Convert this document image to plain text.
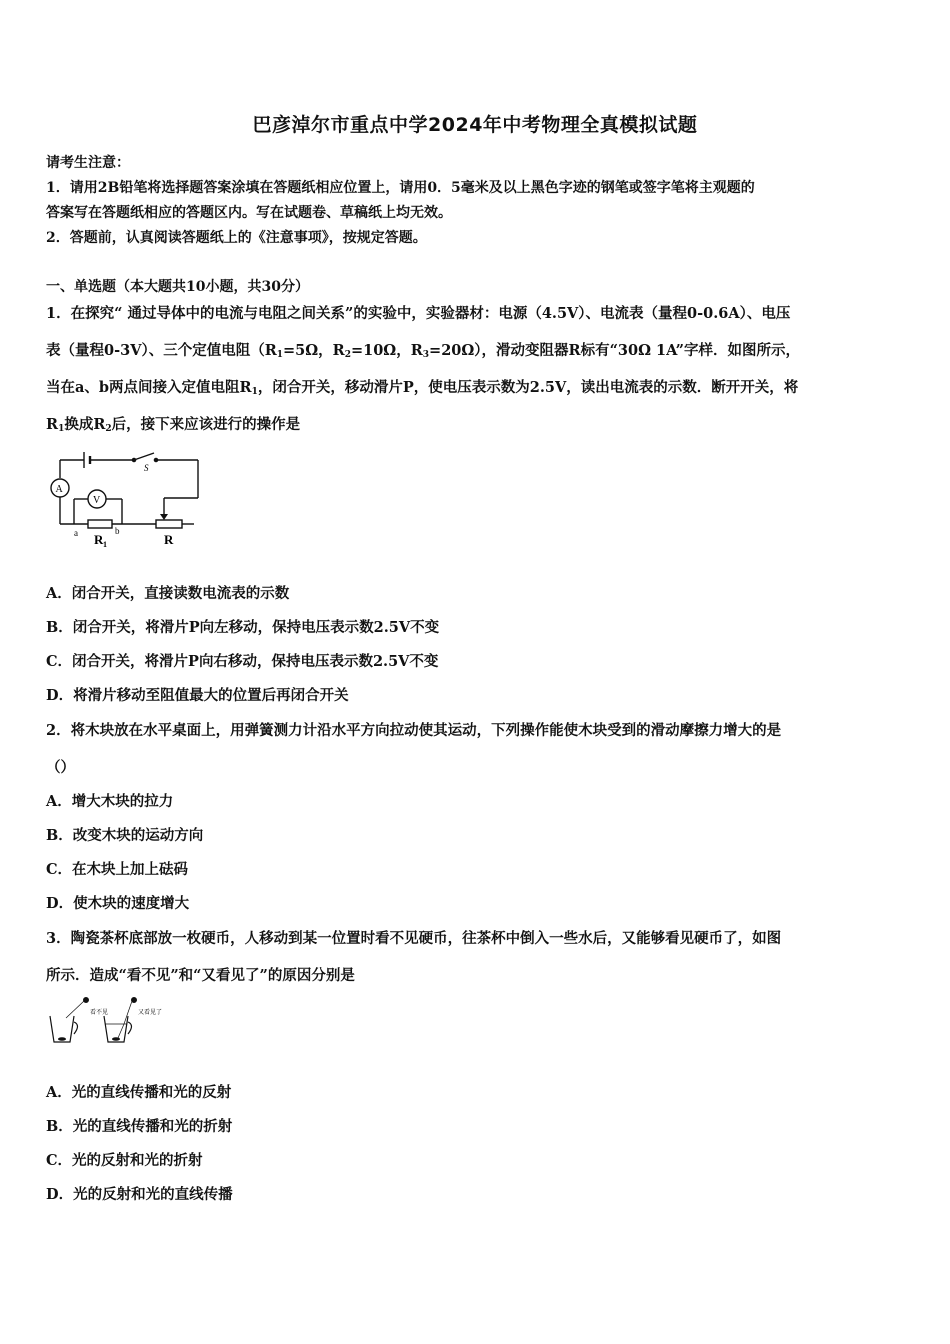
巴彦淖尔市重点中学2024年中考物理全真模拟试题
请考生注意：
1．请用2B铅笔将选择题答案涂填在答题纸相应位置上，请用0．5毫米及以上黑色字迹的钢笔或签字笔将主观题的
答案写在答题纸相应的答题区内。写在试题卷、草稿纸上均无效。
2．答题前，认真阅读答题纸上的《注意事项》，按规定答题。
一、单选题（本大题共10小题，共30分）
1．在探究“ 通过导体中的电流与电阻之间关系”的实验中，实验器材：电源（4.5V）、电流表（量程0-0.6A）、电压
表（量程0-3V）、三个定值电阻（$R_1=5\Omega$，$R_2=10\Omega$，$R_3=20\Omega$），滑动变阻器R标有“30Ω 1A”字样．如图所示，
当在a、b两点间接入定值电阻$R_1$，闭合开关，移动滑片P，使电压表示数为2.5V，读出电流表的示数．断开开关，将
$R_1$换成$R_2$后，接下来应该进行的操作是
S
A
V
a	b
R 1	R
A．闭合开关，直接读数电流表的示数
B．闭合开关，将滑片P向左移动，保持电压表示数2.5V不变
C．闭合开关，将滑片P向右移动，保持电压表示数2.5V不变
D．将滑片移动至阻值最大的位置后再闭合开关
2．将木块放在水平桌面上，用弹簧测力计沿水平方向拉动使其运动，下列操作能使木块受到的滑动摩擦力增大的是
（）
A．增大木块的拉力
B．改变木块的运动方向
C．在木块上加上砝码
D．使木块的速度增大
3．陶瓷茶杯底部放一枚硬币，人移动到某一位置时看不见硬币，往茶杯中倒入一些水后，又能够看见硬币了，如图
所示．造成“看不见”和“又看见了”的原因分别是
看不见	又看见了
A．光的直线传播和光的反射
B．光的直线传播和光的折射
C．光的反射和光的折射
D．光的反射和光的直线传播
